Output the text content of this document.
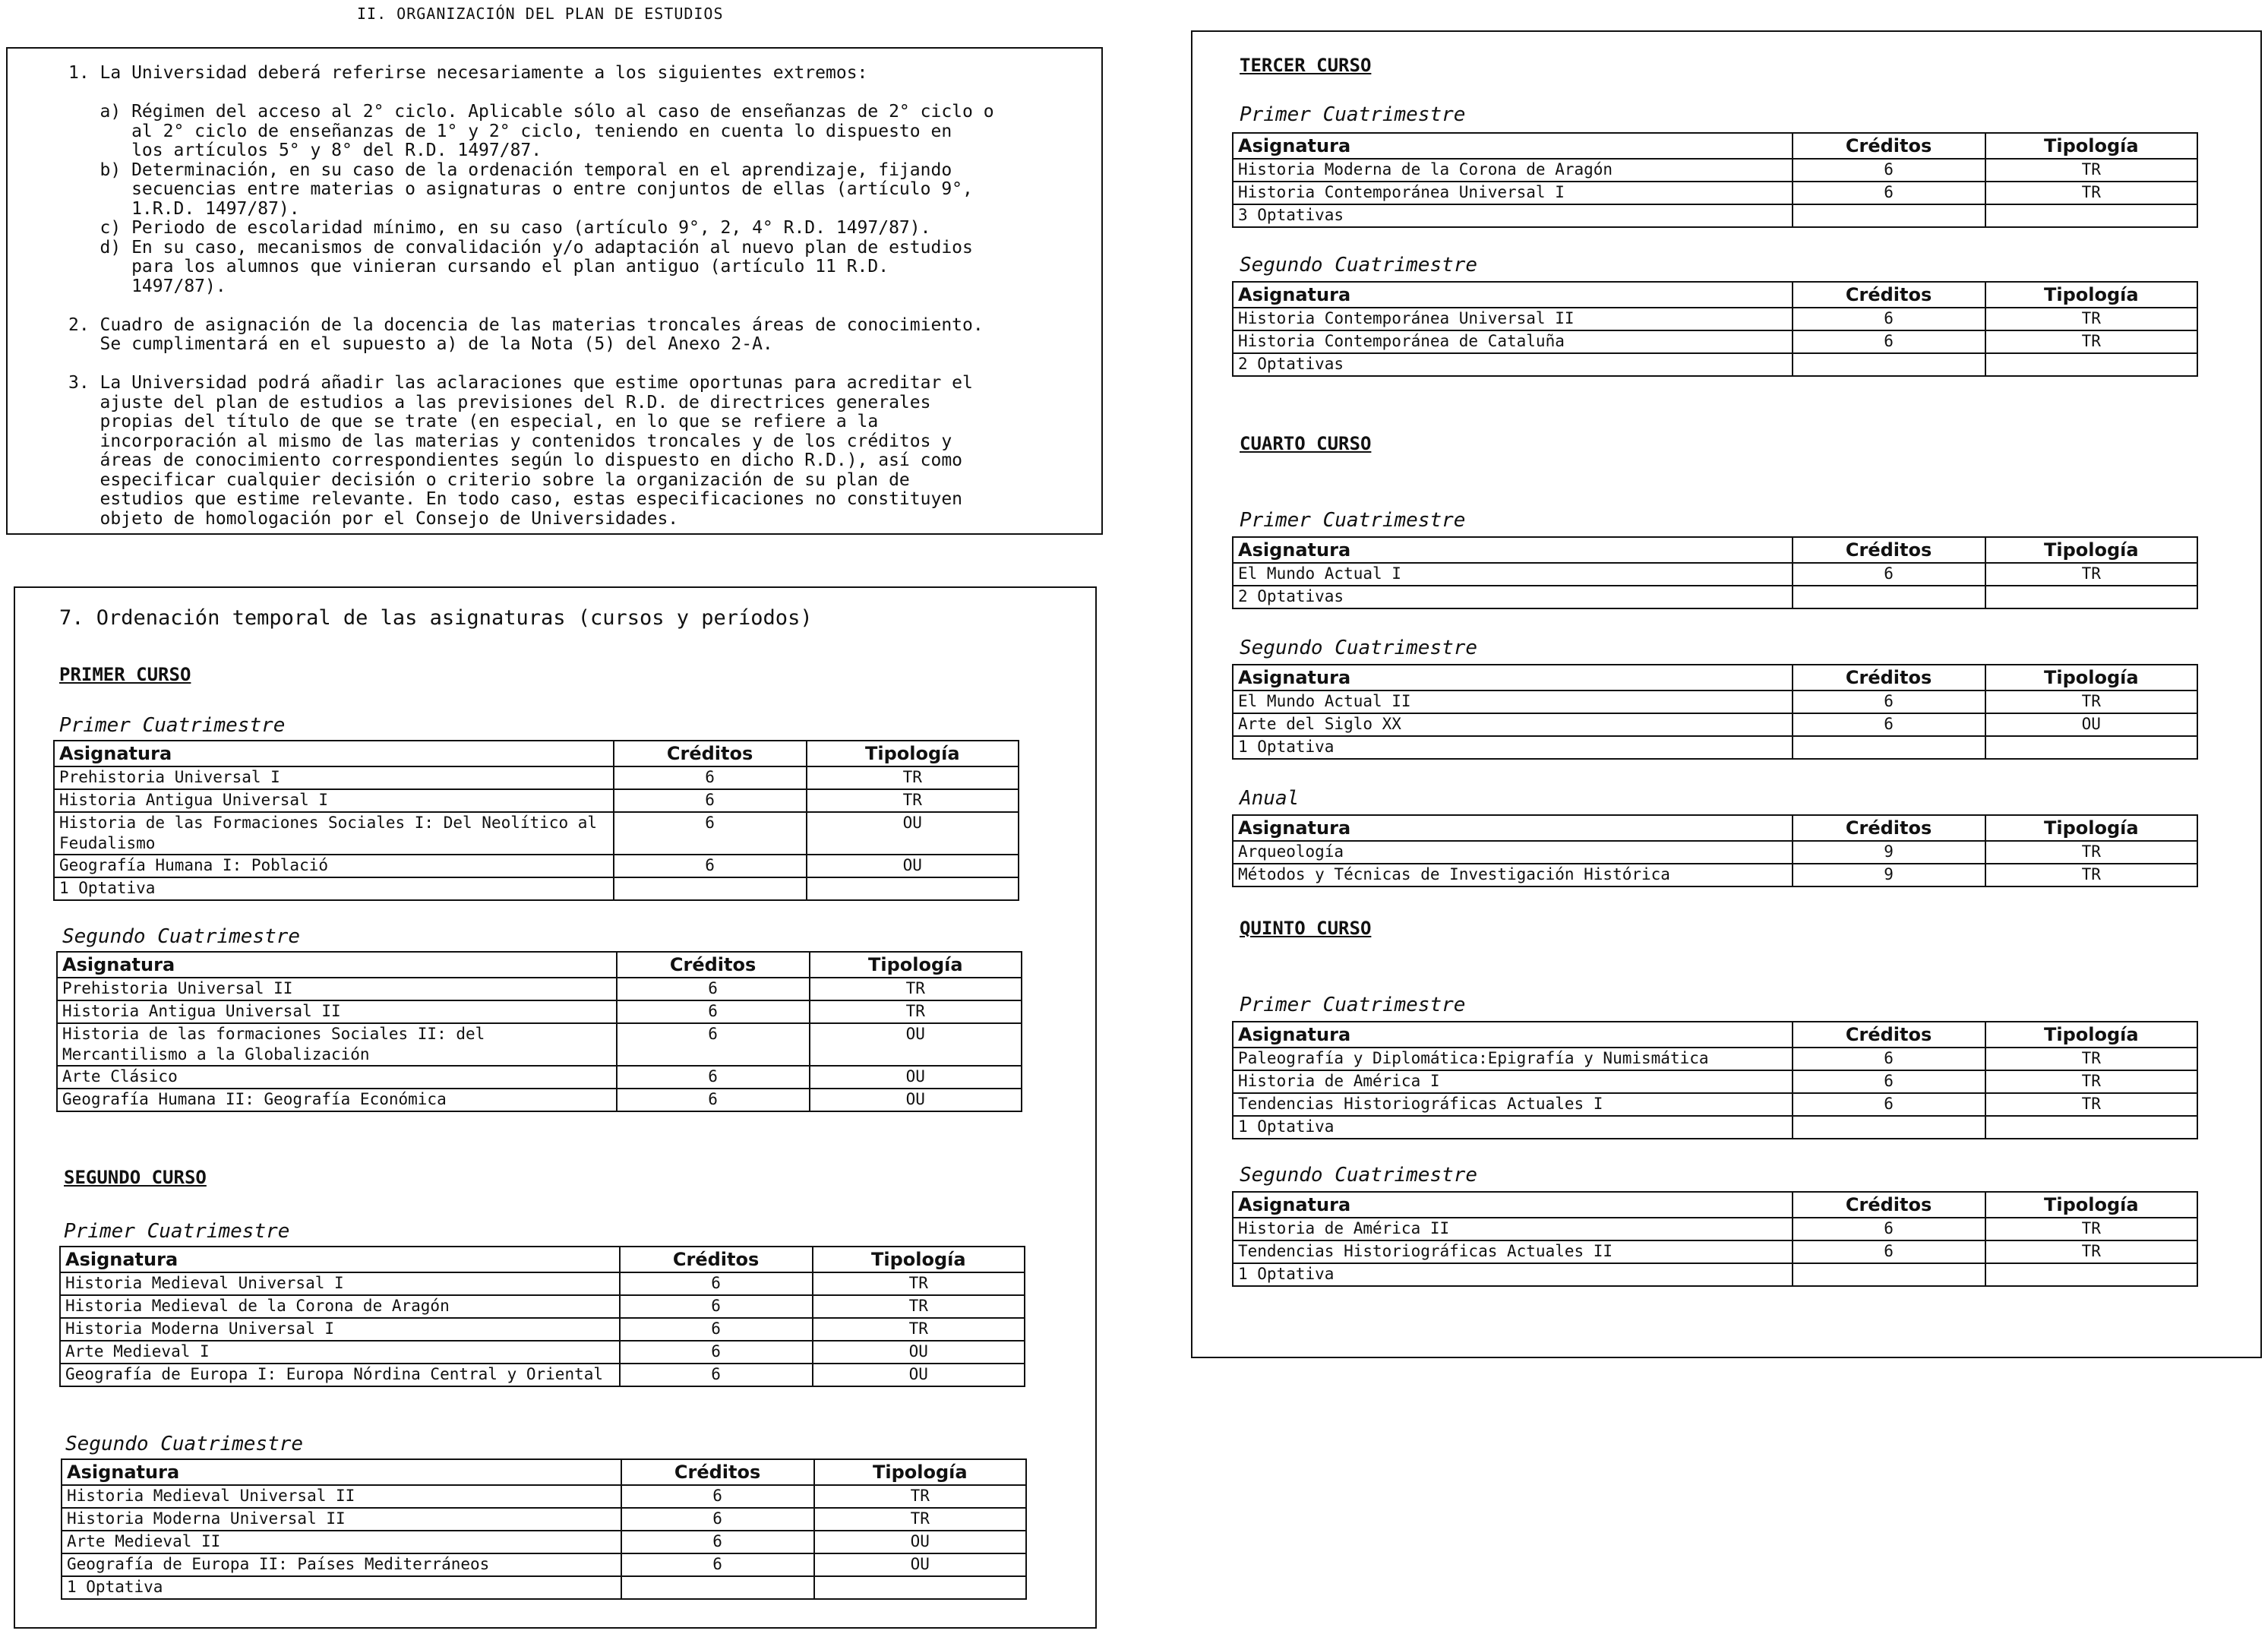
II. ORGANIZACIÓN DEL PLAN DE ESTUDIOS
1. La Universidad deberá referirse necesariamente a los siguientes extremos:
a) Régimen del acceso al 2° ciclo. Aplicable sólo al caso de enseñanzas de 2° ciclo o
al 2° ciclo de enseñanzas de 1° y 2° ciclo, teniendo en cuenta lo dispuesto en
los artículos 5° y 8° del R.D. 1497/87.
b) Determinación, en su caso de la ordenación temporal en el aprendizaje, fijando
secuencias entre materias o asignaturas o entre conjuntos de ellas (artículo 9°,
1.R.D. 1497/87).
c) Periodo de escolaridad mínimo, en su caso (artículo 9°, 2, 4° R.D. 1497/87).
d) En su caso, mecanismos de convalidación y/o adaptación al nuevo plan de estudios
para los alumnos que vinieran cursando el plan antiguo (artículo 11 R.D.
1497/87).
2. Cuadro de asignación de la docencia de las materias troncales áreas de conocimiento.
Se cumplimentará en el supuesto a) de la Nota (5) del Anexo 2-A.
3. La Universidad podrá añadir las aclaraciones que estime oportunas para acreditar el
ajuste del plan de estudios a las previsiones del R.D. de directrices generales
propias del título de que se trate (en especial, en lo que se refiere a la
incorporación al mismo de las materias y contenidos troncales y de los créditos y
áreas de conocimiento correspondientes según lo dispuesto en dicho R.D.), así como
especificar cualquier decisión o criterio sobre la organización de su plan de
estudios que estime relevante. En todo caso, estas especificaciones no constituyen
objeto de homologación por el Consejo de Universidades.
7. Ordenación temporal de las asignaturas (cursos y períodos)
PRIMER CURSO
Primer Cuatrimestre
Asignatura	Créditos	Tipología
Prehistoria Universal I	6	TR
Historia Antigua Universal I	6	TR
Historia de las Formaciones Sociales I: Del Neolítico al Feudalismo	6	OU
Geografía Humana I: Població	6	OU
1 Optativa		
Segundo Cuatrimestre
Asignatura	Créditos	Tipología
Prehistoria Universal II	6	TR
Historia Antigua Universal II	6	TR
Historia de las formaciones Sociales II: del Mercantilismo a la Globalización	6	OU
Arte Clásico	6	OU
Geografía Humana II: Geografía Económica	6	OU
SEGUNDO CURSO
Primer Cuatrimestre
Asignatura	Créditos	Tipología
Historia Medieval Universal I	6	TR
Historia Medieval de la Corona de Aragón	6	TR
Historia Moderna Universal I	6	TR
Arte Medieval I	6	OU
Geografía de Europa I: Europa Nórdina Central y Oriental	6	OU
Segundo Cuatrimestre
Asignatura	Créditos	Tipología
Historia Medieval Universal II	6	TR
Historia Moderna Universal II	6	TR
Arte Medieval II	6	OU
Geografía de Europa II: Países Mediterráneos	6	OU
1 Optativa		
TERCER CURSO
Primer Cuatrimestre
Asignatura	Créditos	Tipología
Historia Moderna de la Corona de Aragón	6	TR
Historia Contemporánea Universal I	6	TR
3 Optativas		
Segundo Cuatrimestre
Asignatura	Créditos	Tipología
Historia Contemporánea Universal II	6	TR
Historia Contemporánea de Cataluña	6	TR
2 Optativas		
CUARTO CURSO
Primer Cuatrimestre
Asignatura	Créditos	Tipología
El Mundo Actual I	6	TR
2 Optativas		
Segundo Cuatrimestre
Asignatura	Créditos	Tipología
El Mundo Actual II	6	TR
Arte del Siglo XX	6	OU
1 Optativa		
Anual
Asignatura	Créditos	Tipología
Arqueología	9	TR
Métodos y Técnicas de Investigación Histórica	9	TR
QUINTO CURSO
Primer Cuatrimestre
Asignatura	Créditos	Tipología
Paleografía y Diplomática:Epigrafía y Numismática	6	TR
Historia de América I	6	TR
Tendencias Historiográficas Actuales I	6	TR
1 Optativa		
Segundo Cuatrimestre
Asignatura	Créditos	Tipología
Historia de América II	6	TR
Tendencias Historiográficas Actuales II	6	TR
1 Optativa		
